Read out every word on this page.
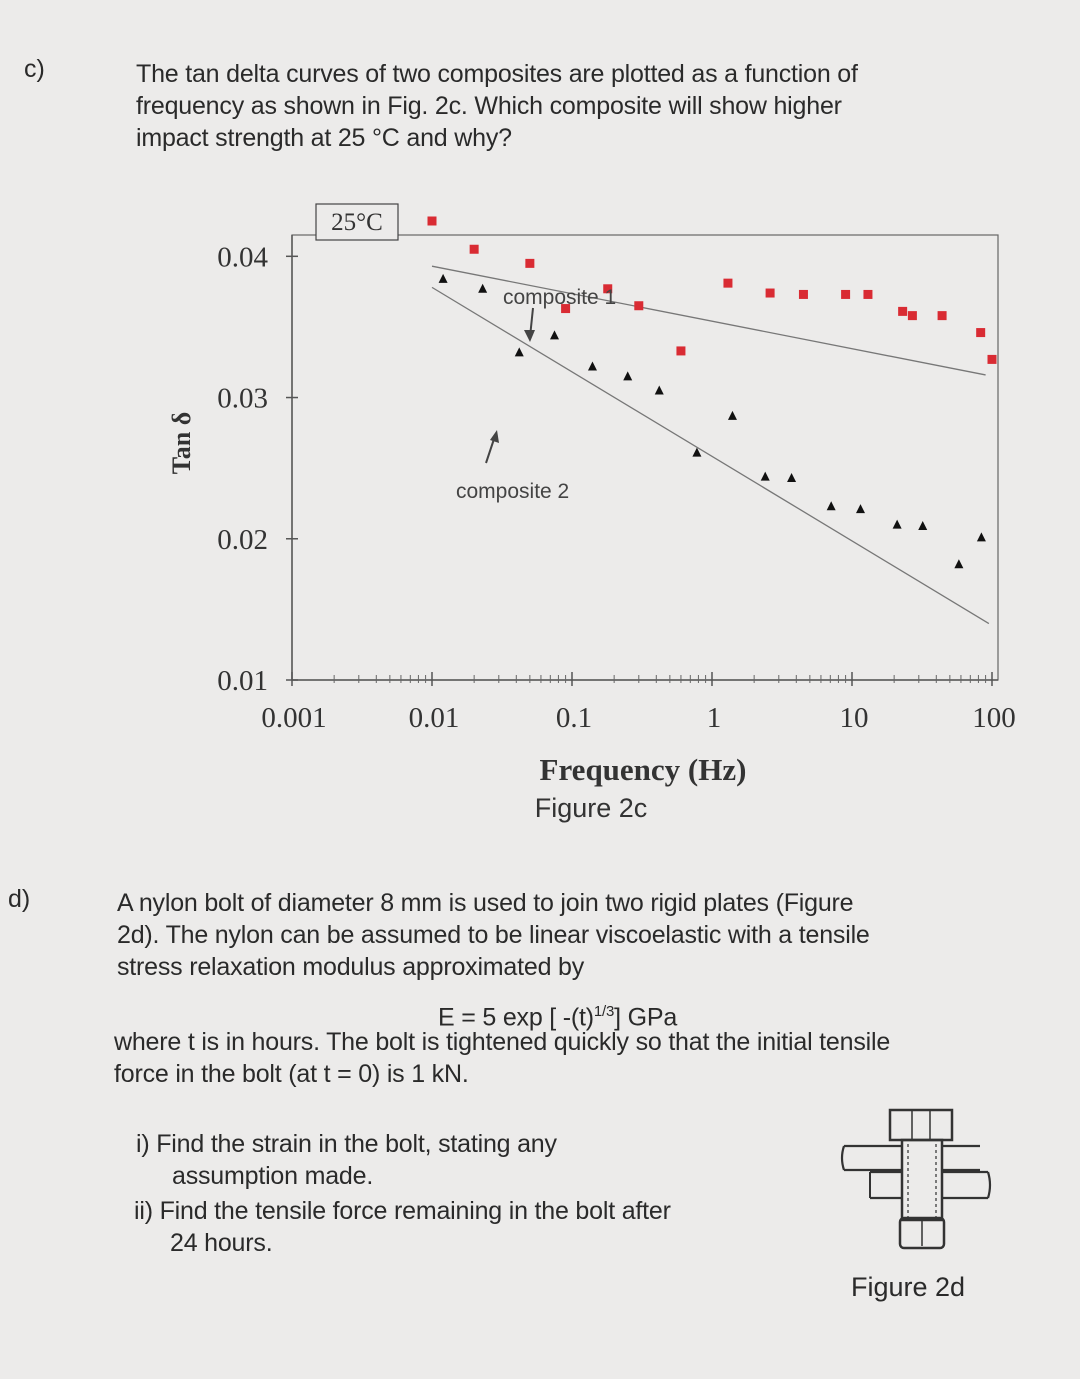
c)	The tan delta curves of two composites are plotted as a function of
frequency as shown in Fig. 2c. Which composite will show higher
impact strength at 25 °C and why?
25°C
0.01
0.02
0.03
0.04
0.001	0.01	0.1	1	10	100
Tan δ
Frequency (Hz)
Figure 2c
composite 1
composite 2
d)	A nylon bolt of diameter 8 mm is used to join two rigid plates (Figure
2d). The nylon can be assumed to be linear viscoelastic with a tensile
stress relaxation modulus approximated by
E = 5 exp [ $-(t)^{1/3}$] GPa
where t is in hours. The bolt is tightened quickly so that the initial tensile
force in the bolt (at t = 0) is 1 kN.
i) Find the strain in the bolt, stating any
assumption made.
ii) Find the tensile force remaining in the bolt after
24 hours.
Figure 2d
